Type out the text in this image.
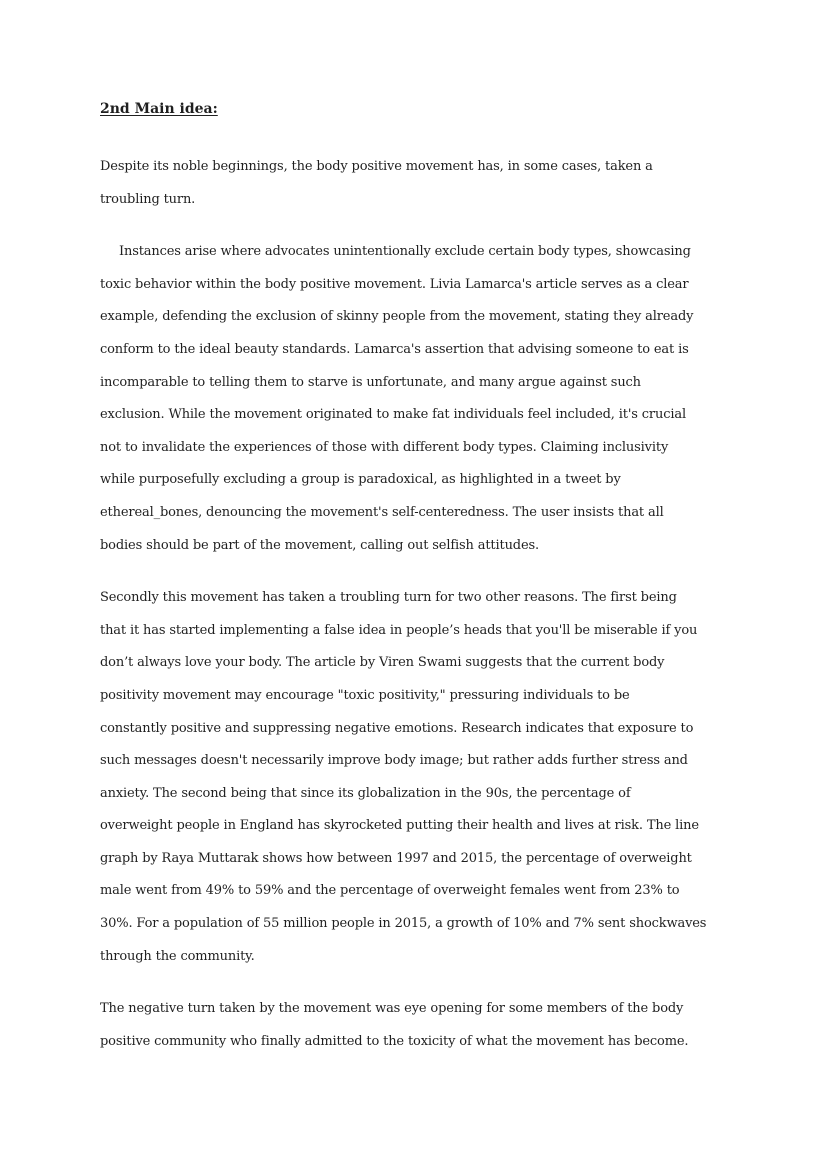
2nd Main idea:
Despite its noble beginnings, the body positive movement has, in some cases, taken a
troubling turn.
Instances arise where advocates unintentionally exclude certain body types, showcasing
toxic behavior within the body positive movement. Livia Lamarca's article serves as a clear
example, defending the exclusion of skinny people from the movement, stating they already
conform to the ideal beauty standards. Lamarca's assertion that advising someone to eat is
incomparable to telling them to starve is unfortunate, and many argue against such
exclusion. While the movement originated to make fat individuals feel included, it's crucial
not to invalidate the experiences of those with different body types. Claiming inclusivity
while purposefully excluding a group is paradoxical, as highlighted in a tweet by
ethereal_bones, denouncing the movement's self-centeredness. The user insists that all
bodies should be part of the movement, calling out selfish attitudes.
Secondly this movement has taken a troubling turn for two other reasons. The first being
that it has started implementing a false idea in people’s heads that you'll be miserable if you
don’t always love your body. The article by Viren Swami suggests that the current body
positivity movement may encourage "toxic positivity," pressuring individuals to be
constantly positive and suppressing negative emotions. Research indicates that exposure to
such messages doesn't necessarily improve body image; but rather adds further stress and
anxiety. The second being that since its globalization in the 90s, the percentage of
overweight people in England has skyrocketed putting their health and lives at risk. The line
graph by Raya Muttarak shows how between 1997 and 2015, the percentage of overweight
male went from 49% to 59% and the percentage of overweight females went from 23% to
30%. For a population of 55 million people in 2015, a growth of 10% and 7% sent shockwaves
through the community.
The negative turn taken by the movement was eye opening for some members of the body
positive community who finally admitted to the toxicity of what the movement has become.
